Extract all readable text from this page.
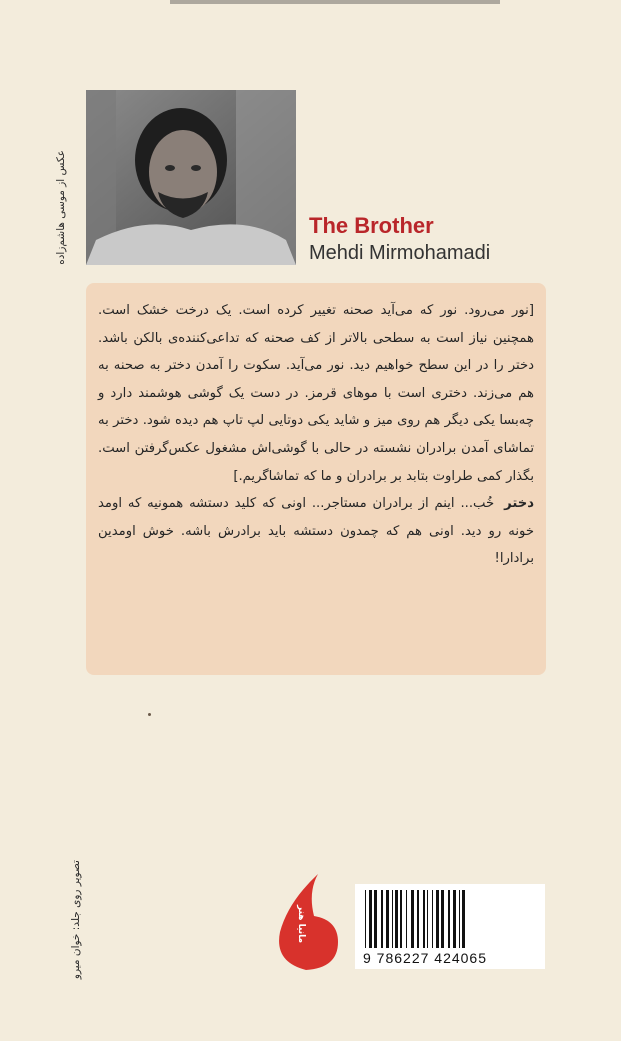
عکس از موسی هاشم‌زاده	The Brother
Mehdi Mirmohamadi

[نور می‌رود. نور که می‌آید صحنه تغییر کرده است. یک درخت خشک است. همچنین نیاز است به سطحی بالاتر از کف صحنه که تداعی‌کننده‌ی بالکن باشد. دختر را در این سطح خواهیم دید. نور می‌آید. سکوت را آمدن دختر به صحنه به هم می‌زند. دختری است با موهای قرمز. در دست یک گوشی هوشمند دارد و چه‌بسا یکی دیگر هم روی میز و شاید یکی دوتایی لپ تاپ هم دیده شود. دختر به تماشای آمدن برادران نشسته در حالی با گوشی‌اش مشغول عکس‌گرفتن است. بگذار کمی طراوت بتابد بر برادران و ما که تماشاگریم.]

دخترخُب... اینم از برادران مستاجر... اونی که کلید دستشه همونیه که اومد خونه رو دید. اونی هم که چمدون دستشه باید برادرش باشه. خوش اومدین برادارا!

تصویر روی جلد: خوان میرو	مانیا هنر
9 786227 424065
